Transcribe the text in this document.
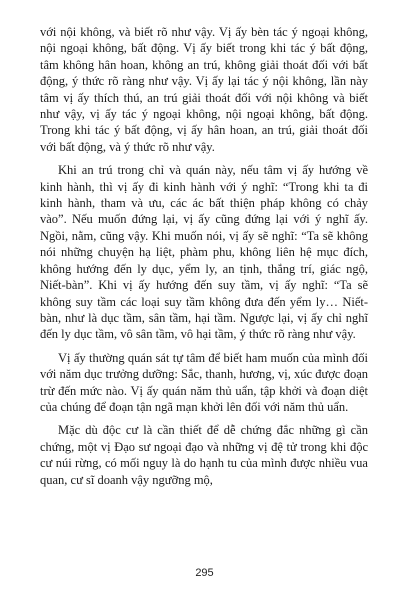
với nội không, và biết rõ như vậy. Vị ấy bèn tác ý ngoại không, nội ngoại không, bất động. Vị ấy biết trong khi tác ý bất động, tâm không hân hoan, không an trú, không giải thoát đối với bất động, ý thức rõ ràng như vậy. Vị ấy lại tác ý nội không, lần này tâm vị ấy thích thú, an trú giải thoát đối với nội không và biết như vậy, vị ấy tác ý ngoại không, nội ngoại không, bất động. Trong khi tác ý bất động, vị ấy hân hoan, an trú, giải thoát đối với bất động, và ý thức rõ như vậy.

Khi an trú trong chỉ và quán này, nếu tâm vị ấy hướng về kinh hành, thì vị ấy đi kinh hành với ý nghĩ: “Trong khi ta đi kinh hành, tham và ưu, các ác bất thiện pháp không có chảy vào”. Nếu muốn đứng lại, vị ấy cũng đứng lại với ý nghĩ ấy. Ngồi, nằm, cũng vậy. Khi muốn nói, vị ấy sẽ nghĩ: “Ta sẽ không nói những chuyện hạ liệt, phàm phu, không liên hệ mục đích, không hướng đến ly dục, yểm ly, an tịnh, thắng trí, giác ngộ, Niết-bàn”. Khi vị ấy hướng đến suy tầm, vị ấy nghĩ: “Ta sẽ không suy tầm các loại suy tầm không đưa đến yểm ly… Niết- bàn, như là dục tầm, sân tầm, hại tầm. Ngược lại, vị ấy chỉ nghĩ đến ly dục tầm, vô sân tầm, vô hại tầm, ý thức rõ ràng như vậy.

Vị ấy thường quán sát tự tâm để biết ham muốn của mình đối với năm dục trưởng dưỡng: Sắc, thanh, hương, vị, xúc được đoạn trừ đến mức nào. Vị ấy quán năm thủ uẩn, tập khởi và đoạn diệt của chúng để đoạn tận ngã mạn khởi lên đối với năm thủ uẩn.

Mặc dù độc cư là cần thiết để dễ chứng đắc những gì cần chứng, một vị Đạo sư ngoại đạo và những vị đệ tử trong khi độc cư núi rừng, có mối nguy là do hạnh tu của mình được nhiều vua quan, cư sĩ doanh vậy ngưỡng mộ,

295
